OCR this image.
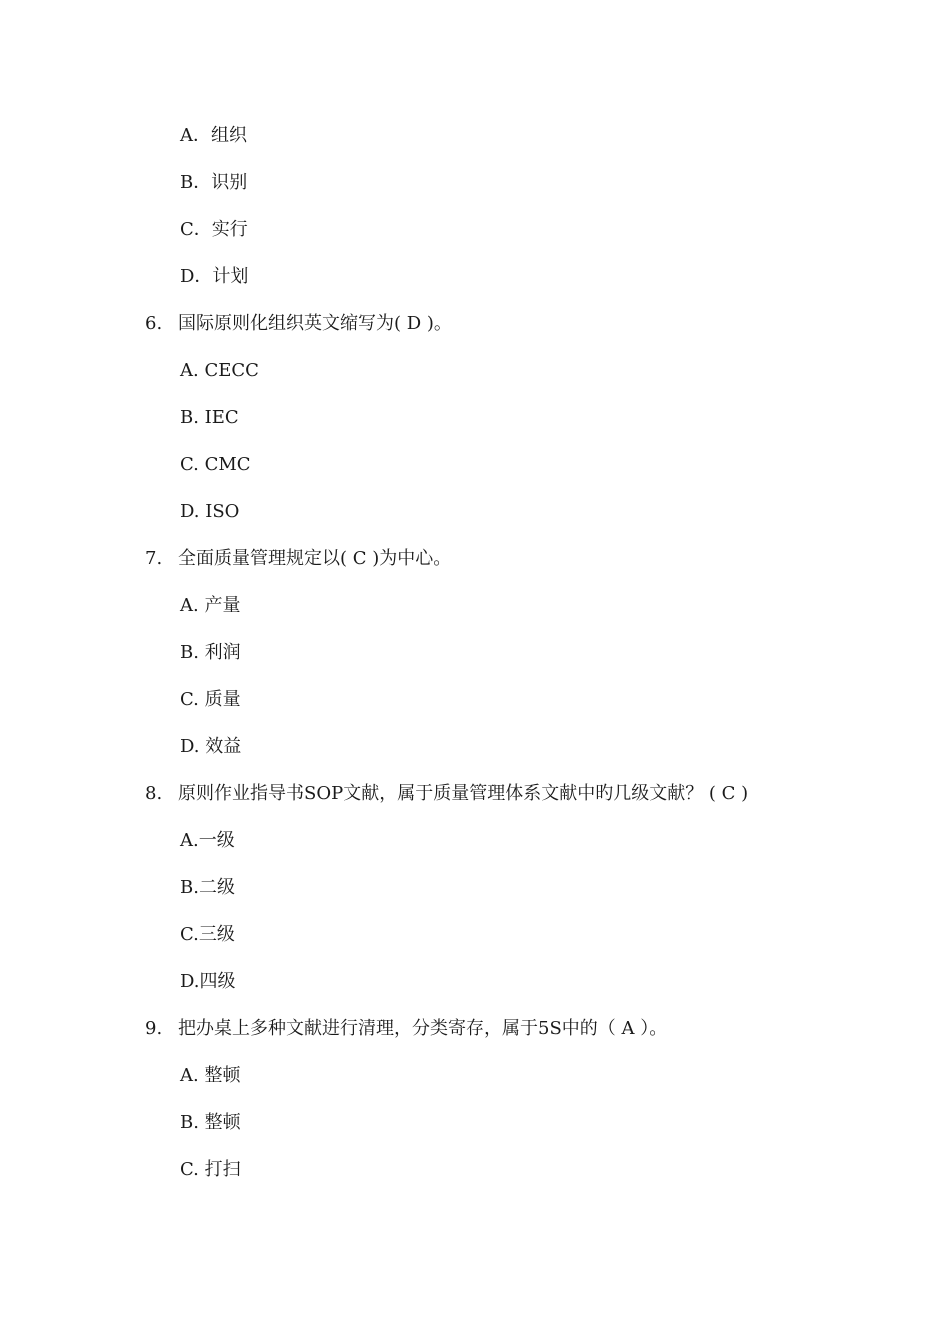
A．组织
B．识别
C．实行
D．计划
6. 国际原则化组织英文缩写为( D )。
A. CECC
B. IEC
C. CMC
D. ISO
7. 全面质量管理规定以( C )为中心。
A. 产量
B. 利润
C. 质量
D. 效益
8. 原则作业指导书SOP文献，属于质量管理体系文献中旳几级文献？ ( C )
A.一级
B.二级
C.三级
D.四级
9. 把办桌上多种文献进行清理，分类寄存，属于5S中的（ A ）。
A. 整顿
B. 整顿
C. 打扫
